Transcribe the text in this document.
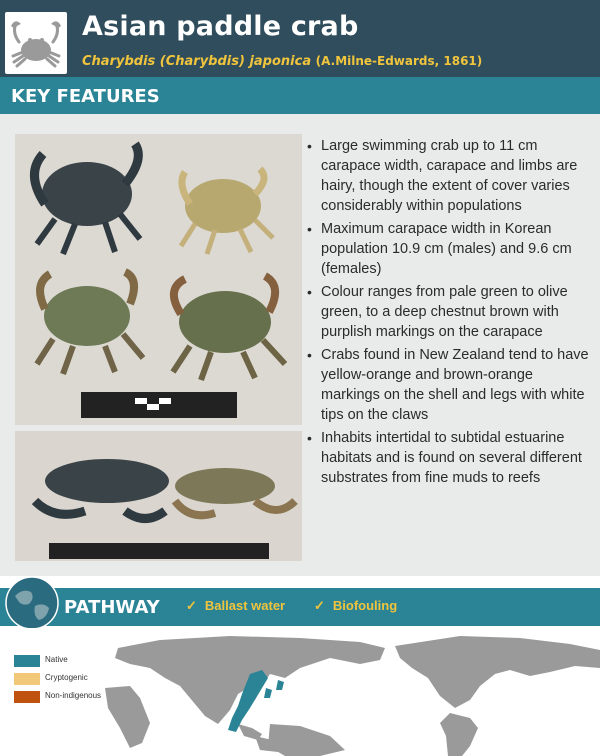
Asian paddle crab
Charybdis (Charybdis) japonica (A.Milne-Edwards, 1861)
KEY FEATURES
• Large swimming crab up to 11 cm carapace width, carapace and limbs are hairy, though the extent of cover varies considerably within populations
• Maximum carapace width in Korean population 10.9 cm (males) and 9.6 cm (females)
• Colour ranges from pale green to olive green, to a deep chestnut brown with purplish markings on the carapace
• Crabs found in New Zealand tend to have yellow-orange and brown-orange markings on the shell and legs with white tips on the claws
• Inhabits intertidal to subtidal estuarine habitats and is found on several different substrates from fine muds to reefs
PATHWAY ✓ Ballast water ✓ Biofouling
Native
Cryptogenic
Non-indigenous
